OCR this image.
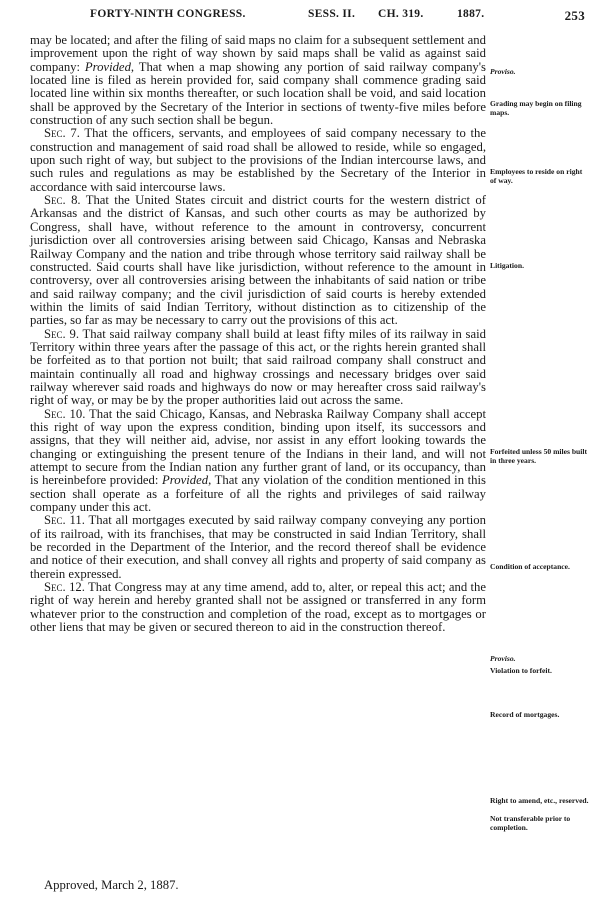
FORTY-NINTH CONGRESS.	SESS. II. CH. 319.	1887.	253

may be located; and after the filing of said maps no claim for a subsequent settlement and improvement upon the right of way shown by said maps shall be valid as against said company: Provided, That when a map showing any portion of said railway company's located line is filed as herein provided for, said company shall commence grading said located line within six months thereafter, or such location shall be void, and said location shall be approved by the Secretary of the Interior in sections of twenty-five miles before construction of any such section shall be begun.

Sec. 7. That the officers, servants, and employees of said company necessary to the construction and management of said road shall be allowed to reside, while so engaged, upon such right of way, but subject to the provisions of the Indian intercourse laws, and such rules and regulations as may be established by the Secretary of the Interior in accordance with said intercourse laws.

Sec. 8. That the United States circuit and district courts for the western district of Arkansas and the district of Kansas, and such other courts as may be authorized by Congress, shall have, without reference to the amount in controversy, concurrent jurisdiction over all controversies arising between said Chicago, Kansas and Nebraska Railway Company and the nation and tribe through whose territory said railway shall be constructed. Said courts shall have like jurisdiction, without reference to the amount in controversy, over all controversies arising between the inhabitants of said nation or tribe and said railway company; and the civil jurisdiction of said courts is hereby extended within the limits of said Indian Territory, without distinction as to citizenship of the parties, so far as may be necessary to carry out the provisions of this act.

Sec. 9. That said railway company shall build at least fifty miles of its railway in said Territory within three years after the passage of this act, or the rights herein granted shall be forfeited as to that portion not built; that said railroad company shall construct and maintain continually all road and highway crossings and necessary bridges over said railway wherever said roads and highways do now or may hereafter cross said railway's right of way, or may be by the proper authorities laid out across the same.

Sec. 10. That the said Chicago, Kansas, and Nebraska Railway Company shall accept this right of way upon the express condition, binding upon itself, its successors and assigns, that they will neither aid, advise, nor assist in any effort looking towards the changing or extinguishing the present tenure of the Indians in their land, and will not attempt to secure from the Indian nation any further grant of land, or its occupancy, than is hereinbefore provided: Provided, That any violation of the condition mentioned in this section shall operate as a forfeiture of all the rights and privileges of said railway company under this act.

Sec. 11. That all mortgages executed by said railway company conveying any portion of its railroad, with its franchises, that may be constructed in said Indian Territory, shall be recorded in the Department of the Interior, and the record thereof shall be evidence and notice of their execution, and shall convey all rights and property of said company as therein expressed.

Sec. 12. That Congress may at any time amend, add to, alter, or repeal this act; and the right of way herein and hereby granted shall not be assigned or transferred in any form whatever prior to the construction and completion of the road, except as to mortgages or other liens that may be given or secured thereon to aid in the construction thereof.

Approved, March 2, 1887.
Proviso.
Grading may begin on filing maps.
Employees to reside on right of way.
Litigation.
Forfeited unless 50 miles built in three years.
Condition of acceptance.
Proviso.
Violation to forfeit.
Record of mortgages.
Right to amend, etc., reserved.
Not transferable prior to completion.
